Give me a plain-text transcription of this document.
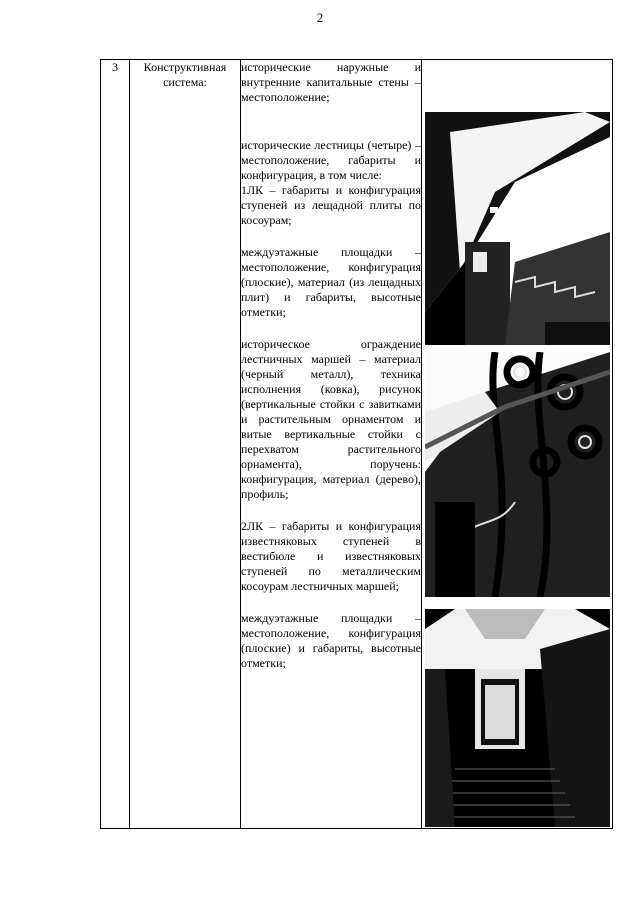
2
3	Конструктивная система:	

исторические наружные и внутренние капитальные стены – местоположение;

исторические лестницы (четыре) – местоположение, габариты и конфигурация, в том числе:

1ЛК – габариты и конфигурация ступеней из лещадной плиты по косоурам;

междуэтажные площадки – местоположение, конфигурация (плоские), материал (из лещадных плит) и габариты, высотные отметки;

историческое ограждение лестничных маршей – материал (черный металл), техника исполнения (ковка), рисунок (вертикальные стойки с завитками и растительным орнаментом и витые вертикальные стойки с перехватом растительного орнамента), поручень: конфигурация, материал (дерево), профиль;

2ЛК – габариты и конфигурация известняковых ступеней в вестибюле и известняковых ступеней по металлическим косоурам лестничных маршей;

междуэтажные площадки – местоположение, конфигурация (плоские) и габариты, высотные отметки;
